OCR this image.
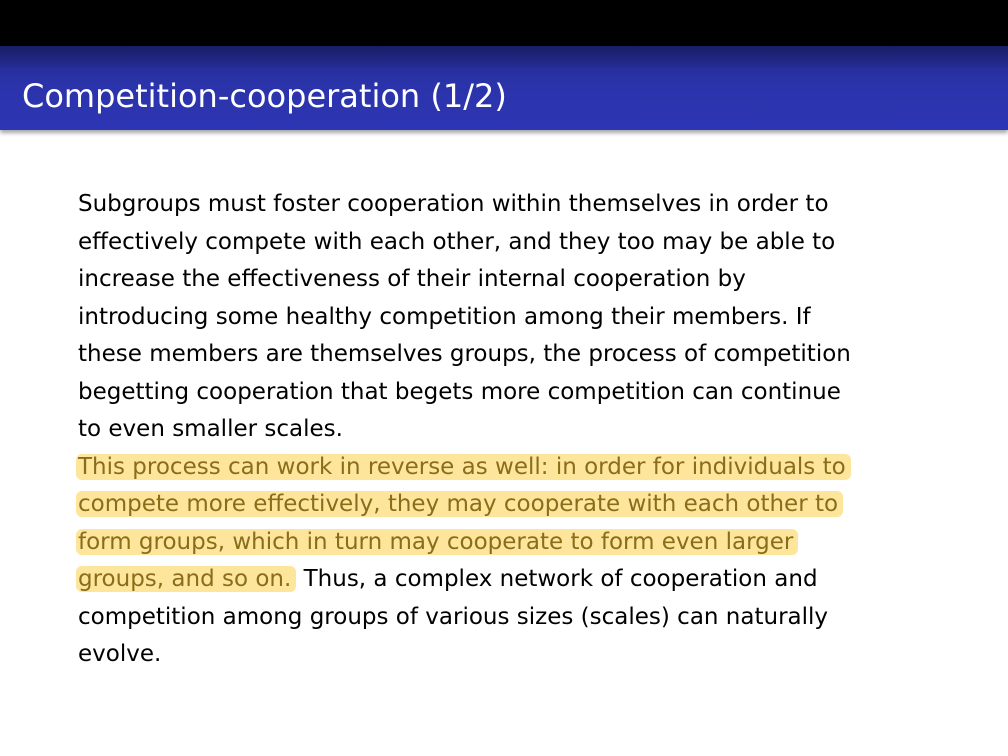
Competition-cooperation (1/2)
Subgroups must foster cooperation within themselves in order to
effectively compete with each other, and they too may be able to
increase the effectiveness of their internal cooperation by
introducing some healthy competition among their members. If
these members are themselves groups, the process of competition
begetting cooperation that begets more competition can continue
to even smaller scales.
This process can work in reverse as well: in order for individuals to
compete more effectively, they may cooperate with each other to
form groups, which in turn may cooperate to form even larger
groups, and so on. Thus, a complex network of cooperation and
competition among groups of various sizes (scales) can naturally
evolve.
